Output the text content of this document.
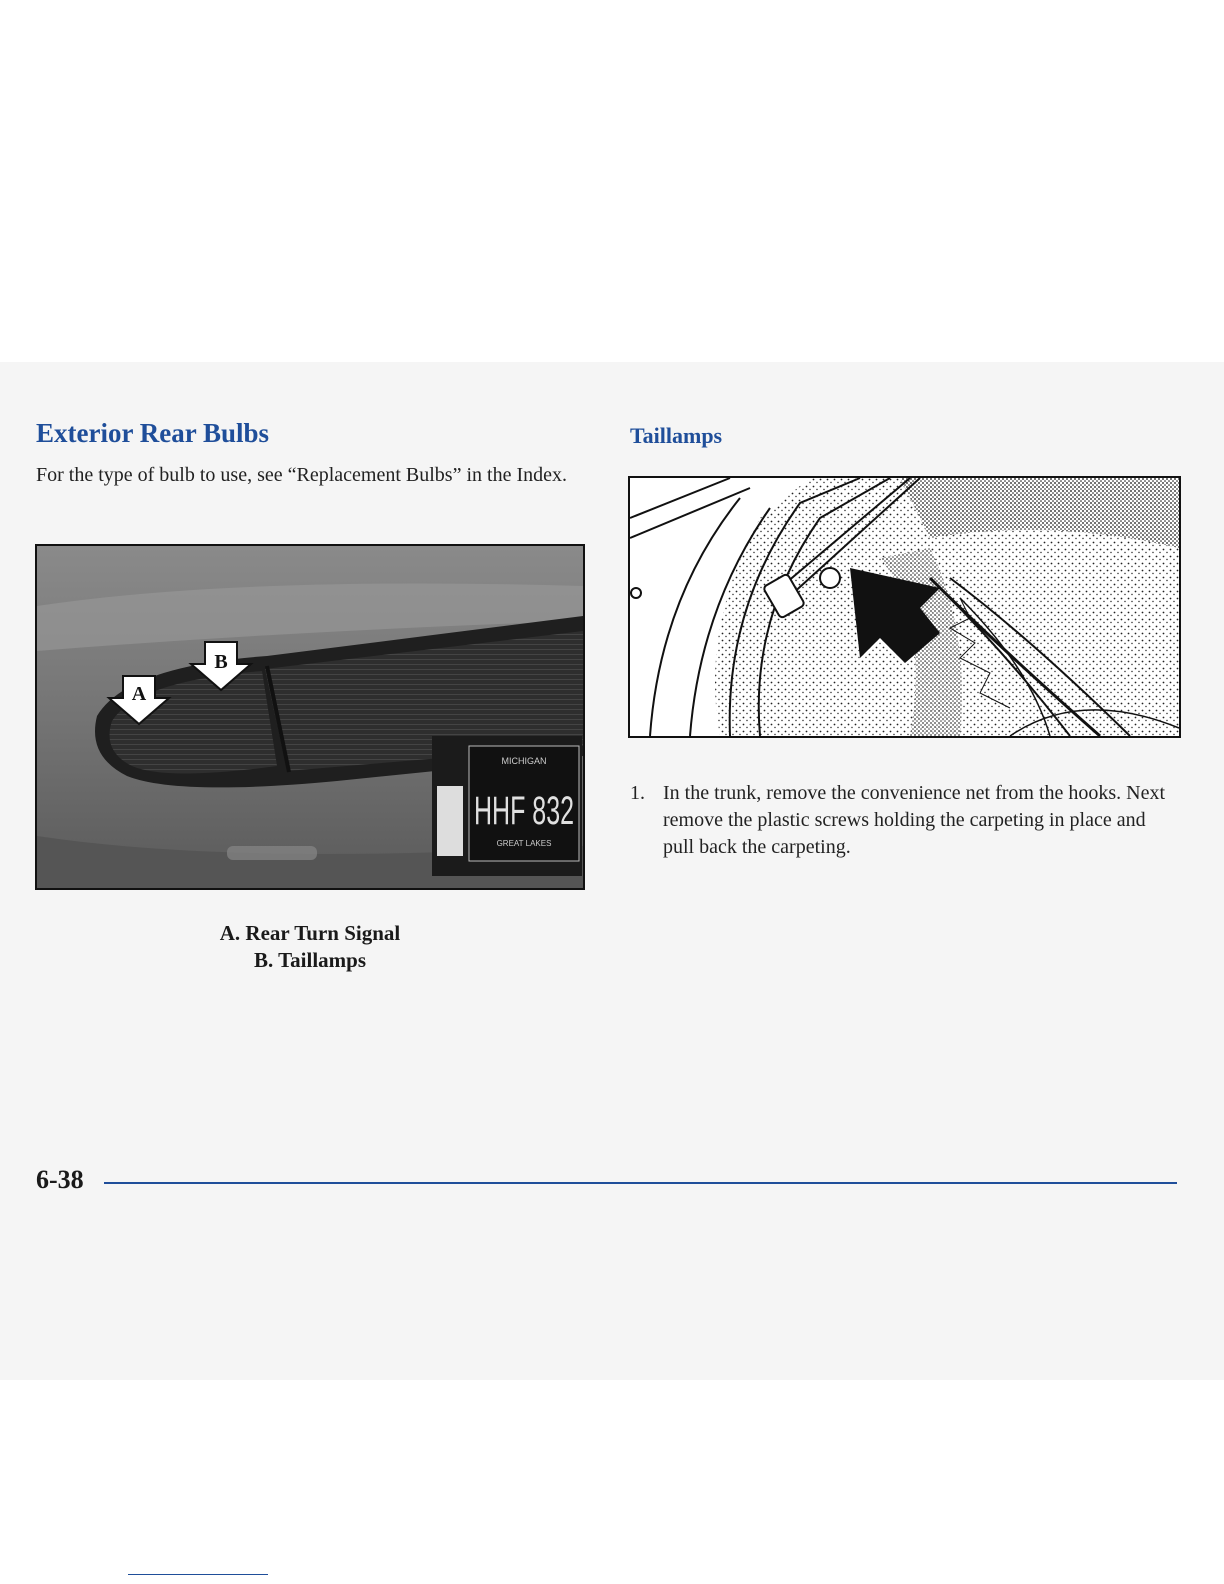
Exterior Rear Bulbs

For the type of bulb to use, see “Replacement Bulbs” in the Index.

MICHIGAN
HHF 832
GREAT LAKES
A
B
A. Rear Turn Signal
B. Taillamps
Taillamps
1. In the trunk, remove the convenience net from the hooks. Next remove the plastic screws holding the carpeting in place and pull back the carpeting.
6-38
